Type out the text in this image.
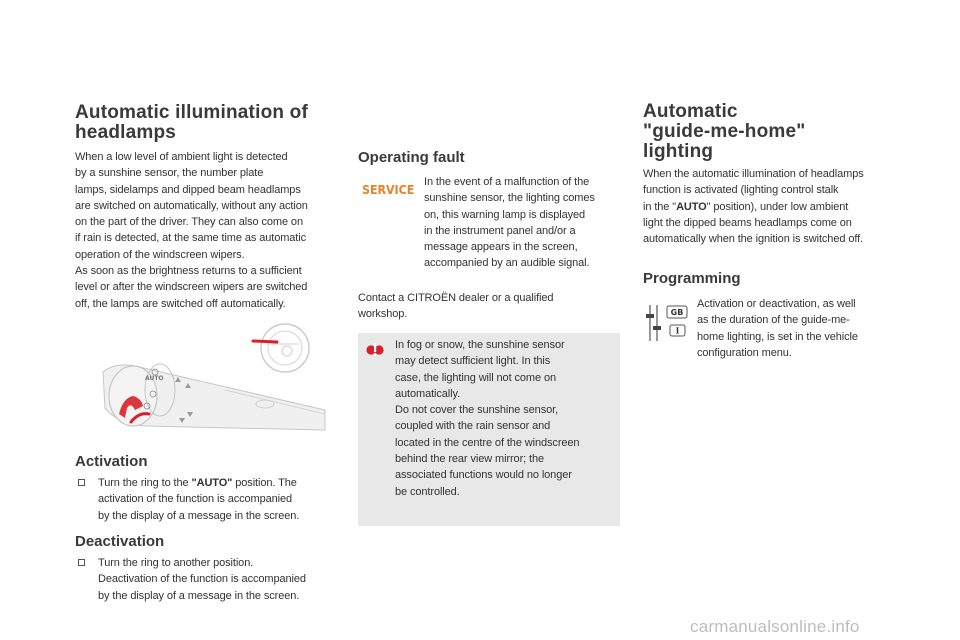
Automatic illumination of

headlamps

When a low level of ambient light is detected

by a sunshine sensor, the number plate

lamps, sidelamps and dipped beam headlamps

are switched on automatically, without any action

on the part of the driver. They can also come on

if rain is detected, at the same time as automatic

operation of the windscreen wipers.

As soon as the brightness returns to a sufficient

level or after the windscreen wipers are switched

off, the lamps are switched off automatically.

Activation

Turn the ring to the "AUTO" position. The

activation of the function is accompanied

by the display of a message in the screen.

Deactivation

Turn the ring to another position.

Deactivation of the function is accompanied

by the display of a message in the screen.

AUTO

Operating fault

SERVICE

In the event of a malfunction of the

sunshine sensor, the lighting comes

on, this warning lamp is displayed

in the instrument panel and/or a

message appears in the screen,

accompanied by an audible signal.

Contact a CITROËN dealer or a qualified

workshop.

In fog or snow, the sunshine sensor

may detect sufficient light. In this

case, the lighting will not come on

automatically.

Do not cover the sunshine sensor,

coupled with the rain sensor and

located in the centre of the windscreen

behind the rear view mirror; the

associated functions would no longer

be controlled.

Automatic

"guide-me-home"

lighting

When the automatic illumination of headlamps

function is activated (lighting control stalk

in the "AUTO" position), under low ambient

light the dipped beams headlamps come on

automatically when the ignition is switched off.

Programming

GB
I

Activation or deactivation, as well

as the duration of the guide-me-

home lighting, is set in the vehicle

configuration menu.

carmanualsonline.info
